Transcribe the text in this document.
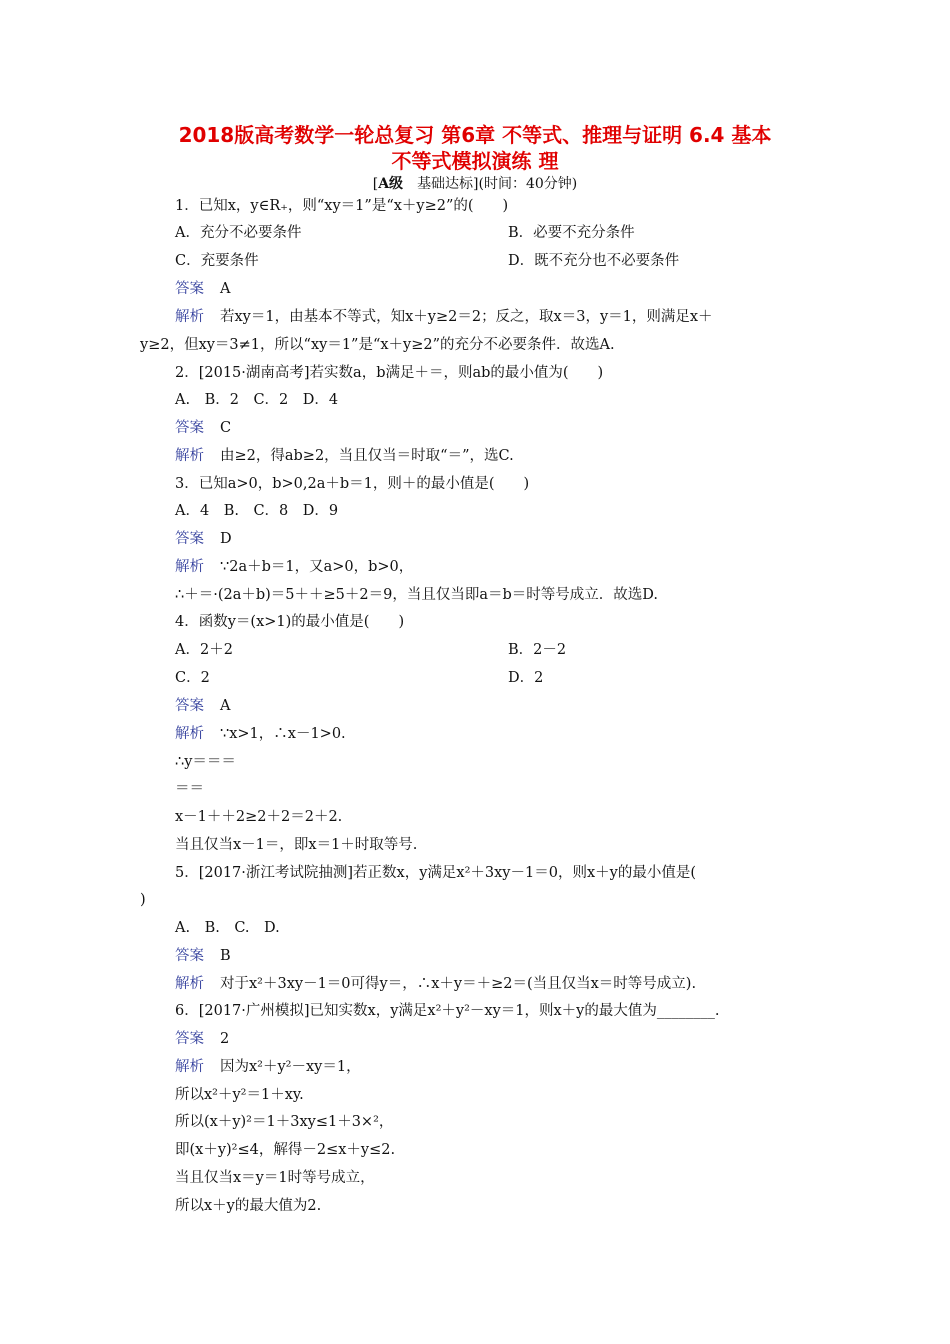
2018版高考数学一轮总复习 第6章 不等式、推理与证明 6.4 基本
不等式模拟演练 理
[A级　 基础达标](时间：40分钟)
1．已知x，y∈R₊，则“xy＝1”是“x＋y≥2”的(　　)
A．充分不必要条件	B．必要不充分条件
C．充要条件	D．既不充分也不必要条件
答案 A
解析 若xy＝1，由基本不等式，知x＋y≥2＝2；反之，取x＝3，y＝1，则满足x＋
y≥2，但xy＝3≠1，所以“xy＝1”是“x＋y≥2”的充分不必要条件．故选A.
2．[2015·湖南高考]若实数a，b满足＋＝，则ab的最小值为(　　)
A.　B．2　C．2　D．4
答案 C
解析 由≥2，得ab≥2，当且仅当＝时取“＝”，选C.
3．已知a>0，b>0,2a＋b＝1，则＋的最小值是(　　)
A．4　B.　C．8　D．9
答案 D
解析 ∵2a＋b＝1，又a>0，b>0，
∴＋＝·(2a＋b)＝5＋＋≥5＋2＝9，当且仅当即a＝b＝时等号成立．故选D.
4．函数y＝(x>1)的最小值是(　　)
A．2＋2	B．2－2
C．2	D．2
答案 A
解析 ∵x>1，∴x－1>0.
∴y＝＝＝
＝＝
x－1＋＋2≥2＋2＝2＋2.
当且仅当x－1＝，即x＝1＋时取等号.
5．[2017·浙江考试院抽测]若正数x，y满足x²＋3xy－1＝0，则x＋y的最小值是(
)
A.　B.　C.　D.
答案 B
解析 对于x²＋3xy－1＝0可得y＝，∴x＋y＝＋≥2＝(当且仅当x＝时等号成立).
6．[2017·广州模拟]已知实数x，y满足x²＋y²－xy＝1，则x＋y的最大值为________.
答案 2
解析 因为x²＋y²－xy＝1，
所以x²＋y²＝1＋xy.
所以(x＋y)²＝1＋3xy≤1＋3×²，
即(x＋y)²≤4，解得－2≤x＋y≤2.
当且仅当x＝y＝1时等号成立，
所以x＋y的最大值为2.
